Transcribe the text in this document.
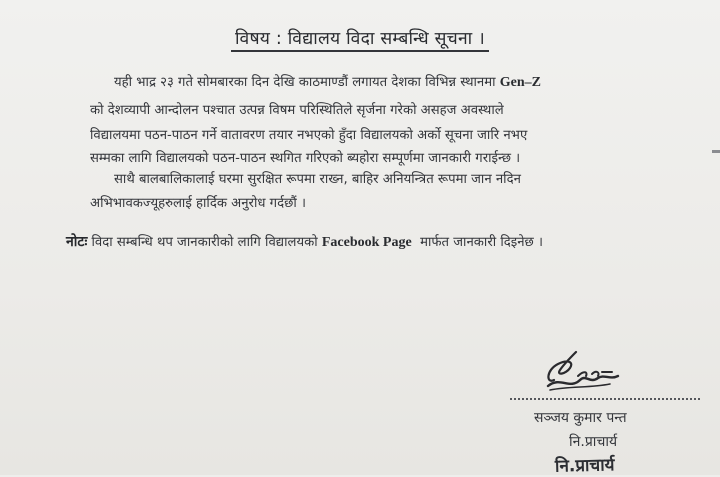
विषय : विद्यालय विदा सम्बन्धि सूचना ।
यही भाद्र २३ गते सोमबारका दिन देखि काठमाण्डौं लगायत देशका विभिन्न स्थानमा Gen–Z
को देशव्यापी आन्दोलन पश्चात उत्पन्न विषम परिस्थितिले सृर्जना गरेको असहज अवस्थाले
विद्यालयमा पठन-पाठन गर्ने वातावरण तयार नभएको हुँदा विद्यालयको अर्को सूचना जारि नभए
सम्मका लागि विद्यालयको पठन-पाठन स्थगित गरिएको ब्यहोरा सम्पूर्णमा जानकारी गराईन्छ ।
साथै बालबालिकालाई घरमा सुरक्षित रूपमा राख्न, बाहिर अनियन्त्रित रूपमा जान नदिन
अभिभावकज्यूहरुलाई हार्दिक अनुरोध गर्दछौं ।
नोटः विदा सम्बन्धि थप जानकारीको लागि विद्यालयको Facebook Page मार्फत जानकारी दिइनेछ ।
सञ्जय कुमार पन्त
नि.प्राचार्य
नि.प्राचार्य
